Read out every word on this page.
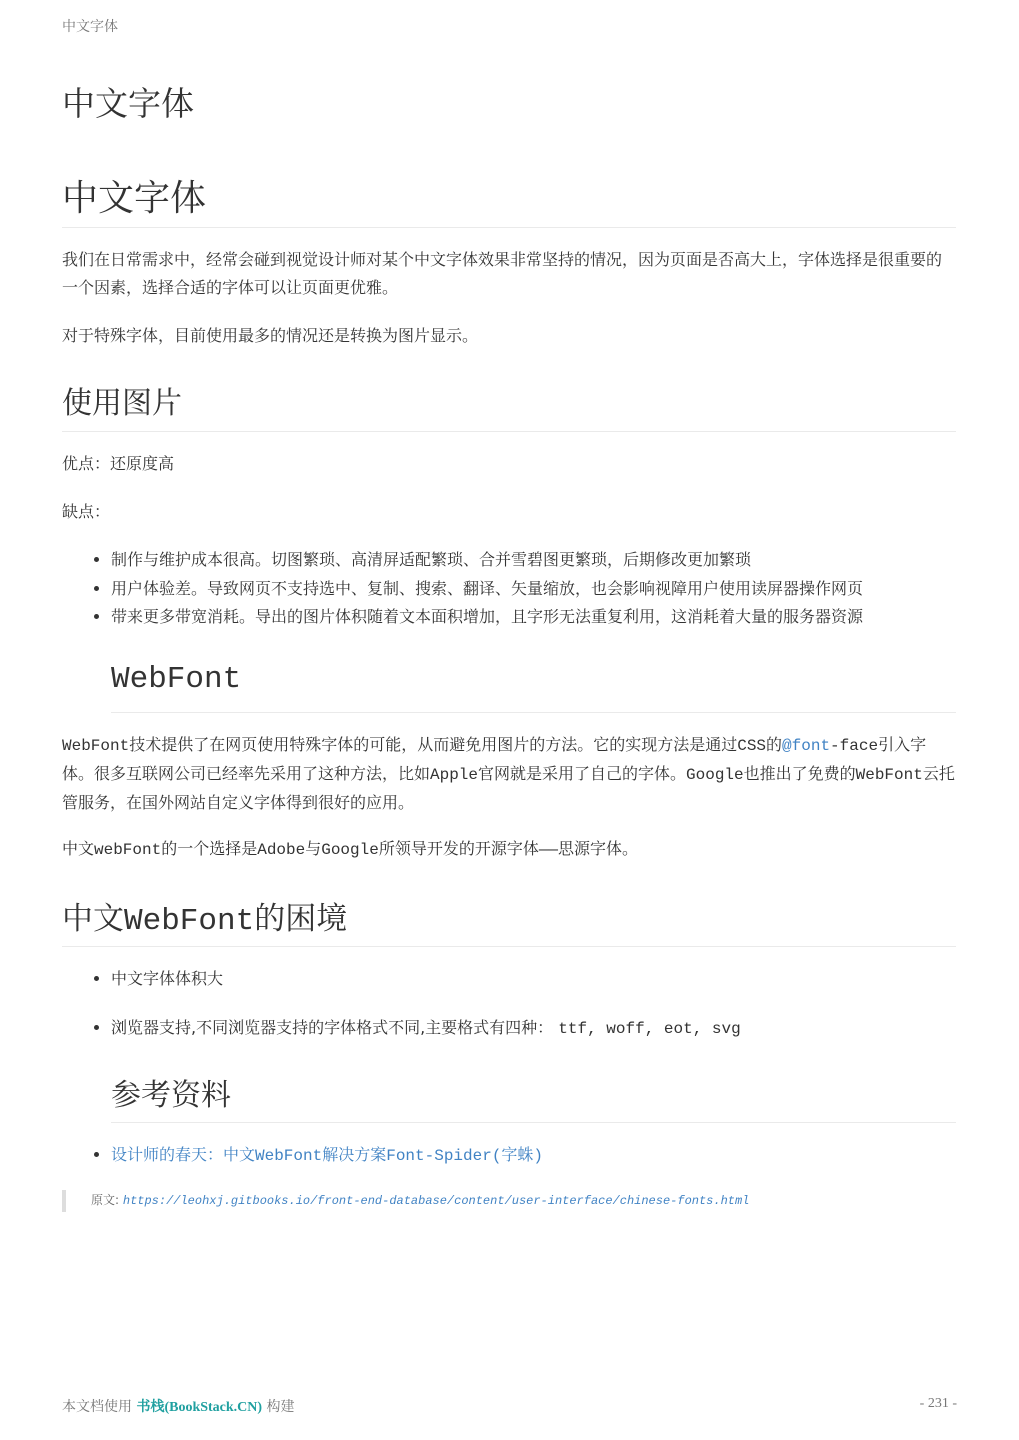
中文字体
中文字体
中文字体

我们在日常需求中，经常会碰到视觉设计师对某个中文字体效果非常坚持的情况，因为页面是否高大上，字体选择是很重要的一个因素，选择合适的字体可以让页面更优雅。

对于特殊字体，目前使用最多的情况还是转换为图片显示。

使用图片

优点：还原度高

缺点：

• 制作与维护成本很高。切图繁琐、高清屏适配繁琐、合并雪碧图更繁琐，后期修改更加繁琐
• 用户体验差。导致网页不支持选中、复制、搜索、翻译、矢量缩放，也会影响视障用户使用读屏器操作网页
• 带来更多带宽消耗。导出的图片体积随着文本面积增加，且字形无法重复利用，这消耗着大量的服务器资源
WebFont

WebFont技术提供了在网页使用特殊字体的可能，从而避免用图片的方法。它的实现方法是通过CSS的@font-face引入字体。很多互联网公司已经率先采用了这种方法，比如Apple官网就是采用了自己的字体。Google也推出了免费的WebFont云托管服务，在国外网站自定义字体得到很好的应用。

中文webFont的一个选择是Adobe与Google所领导开发的开源字体——思源字体。

中文WebFont的困境
• 中文字体体积大
• 浏览器支持,不同浏览器支持的字体格式不同,主要格式有四种： ttf, woff, eot, svg
参考资料
• 设计师的春天：中文WebFont解决方案Font-Spider(字蛛)
原文: https://leohxj.gitbooks.io/front-end-database/content/user-interface/chinese-fonts.html
本文档使用 书栈(BookStack.CN) 构建	- 231 -
